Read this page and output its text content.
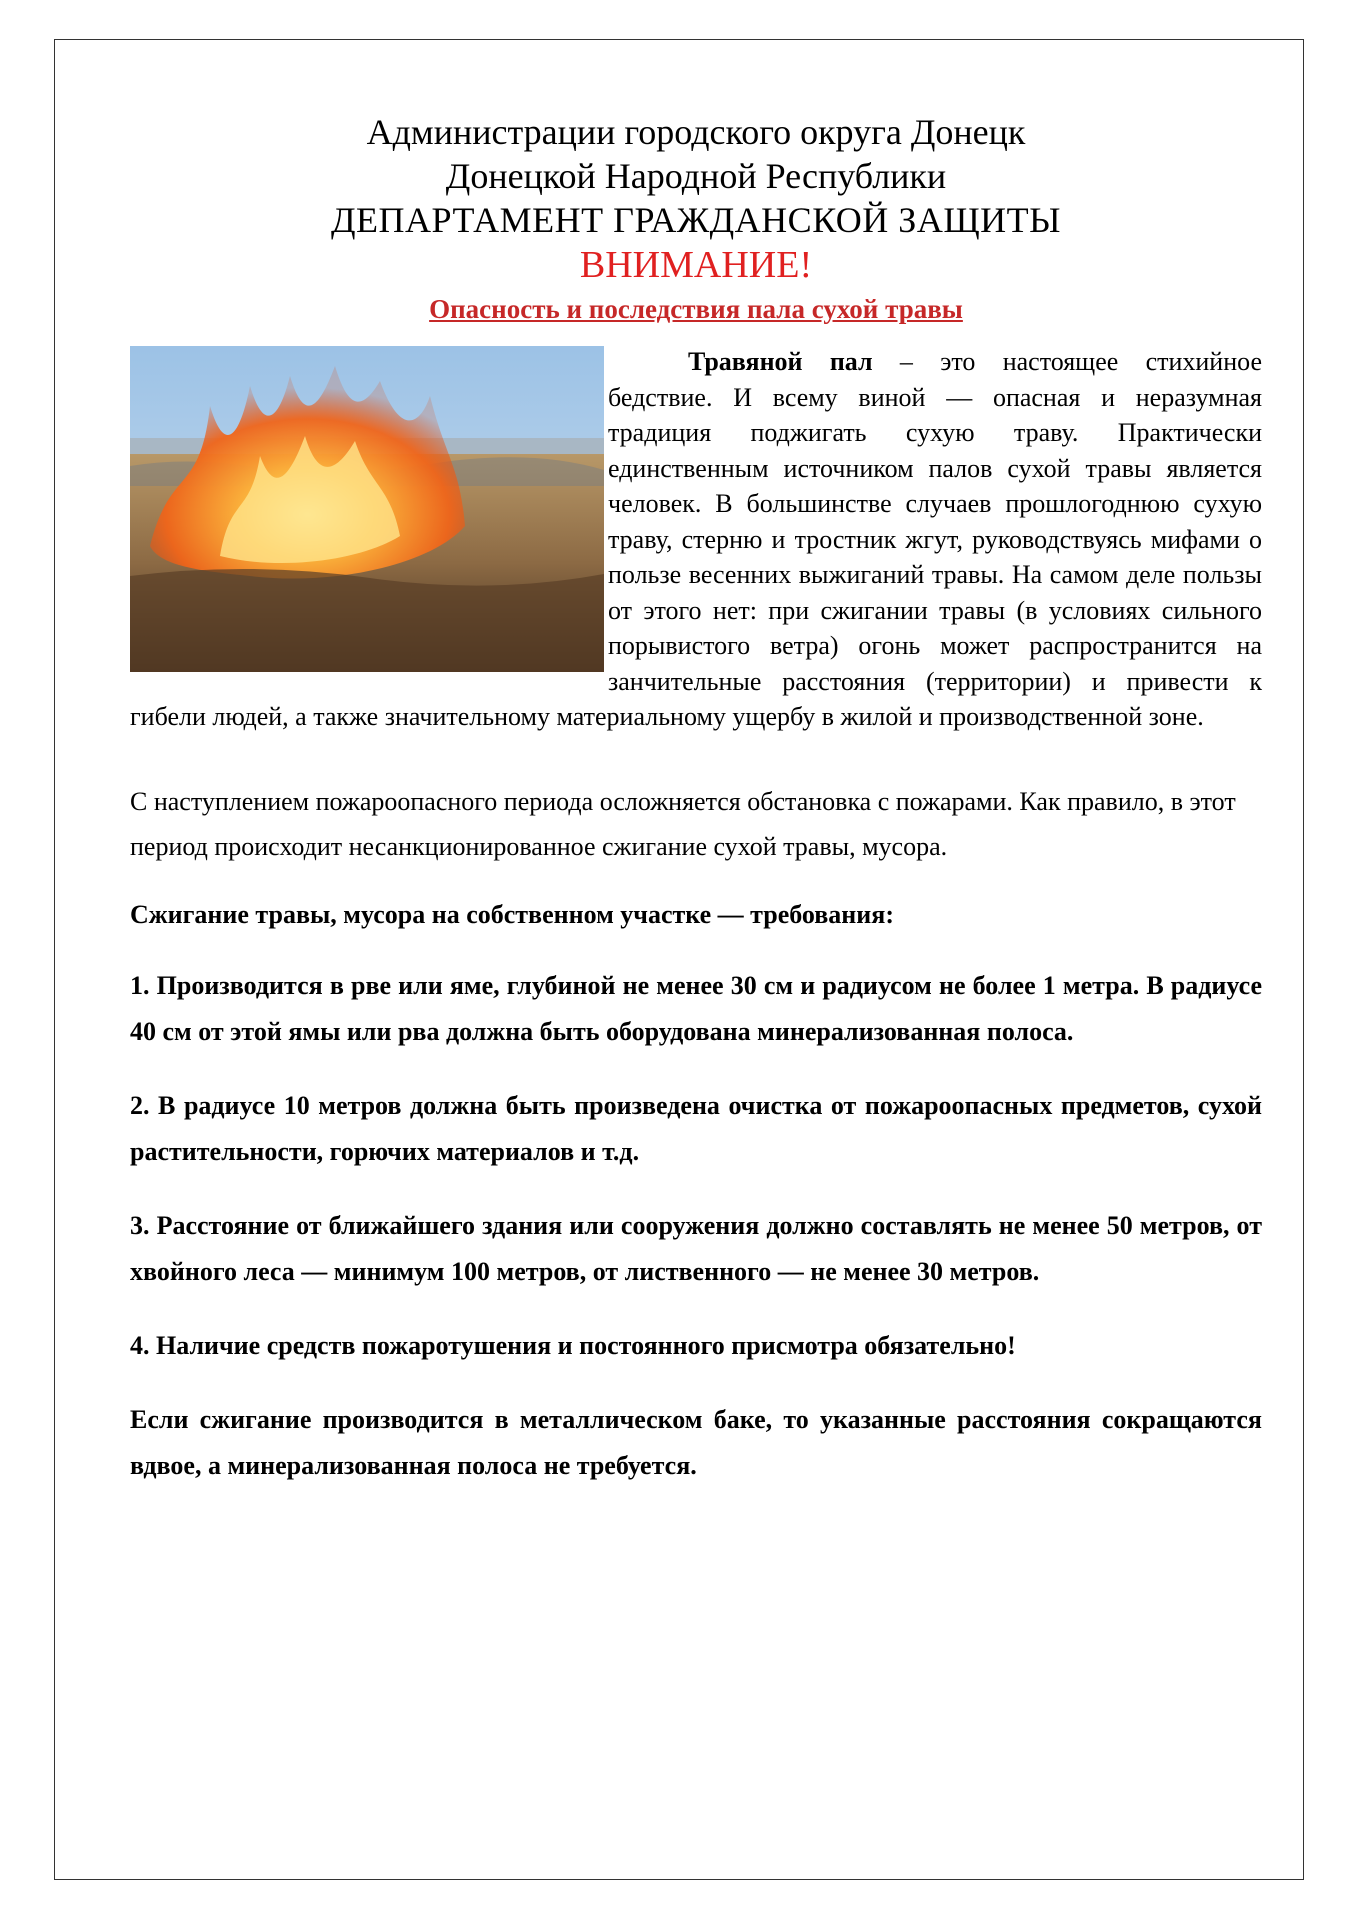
Администрации городского округа Донецк
Донецкой Народной Республики
ДЕПАРТАМЕНТ ГРАЖДАНСКОЙ ЗАЩИТЫ
ВНИМАНИЕ!
Опасность и последствия пала сухой травы
Травяной пал – это настоящее стихийное бедствие. И всему виной — опасная и неразумная традиция поджигать сухую траву. Практически единственным источником палов сухой травы является человек. В большинстве случаев прошлогоднюю сухую траву, стерню и тростник жгут, руководствуясь мифами о пользе весенних выжиганий травы. На самом деле пользы от этого нет: при сжигании травы (в условиях сильного порывистого ветра) огонь может распространится на занчительные расстояния (территории) и привести к гибели людей, а также значительному материальному ущербу в жилой и производственной зоне.
С наступлением пожароопасного периода осложняется обстановка с пожарами. Как правило, в этот период происходит несанкционированное сжигание сухой травы, мусора.
Сжигание травы, мусора на собственном участке — требования:
1. Производится в рве или яме, глубиной не менее 30 см и радиусом не более 1 метра. В радиусе 40 см от этой ямы или рва должна быть оборудована минерализованная полоса.
2. В радиусе 10 метров должна быть произведена очистка от пожароопасных предметов, сухой растительности, горючих материалов и т.д.
3. Расстояние от ближайшего здания или сооружения должно составлять не менее 50 метров, от хвойного леса — минимум 100 метров, от лиственного — не менее 30 метров.
4. Наличие средств пожаротушения и постоянного присмотра обязательно!
Если сжигание производится в металлическом баке, то указанные расстояния сокращаются вдвое, а минерализованная полоса не требуется.
